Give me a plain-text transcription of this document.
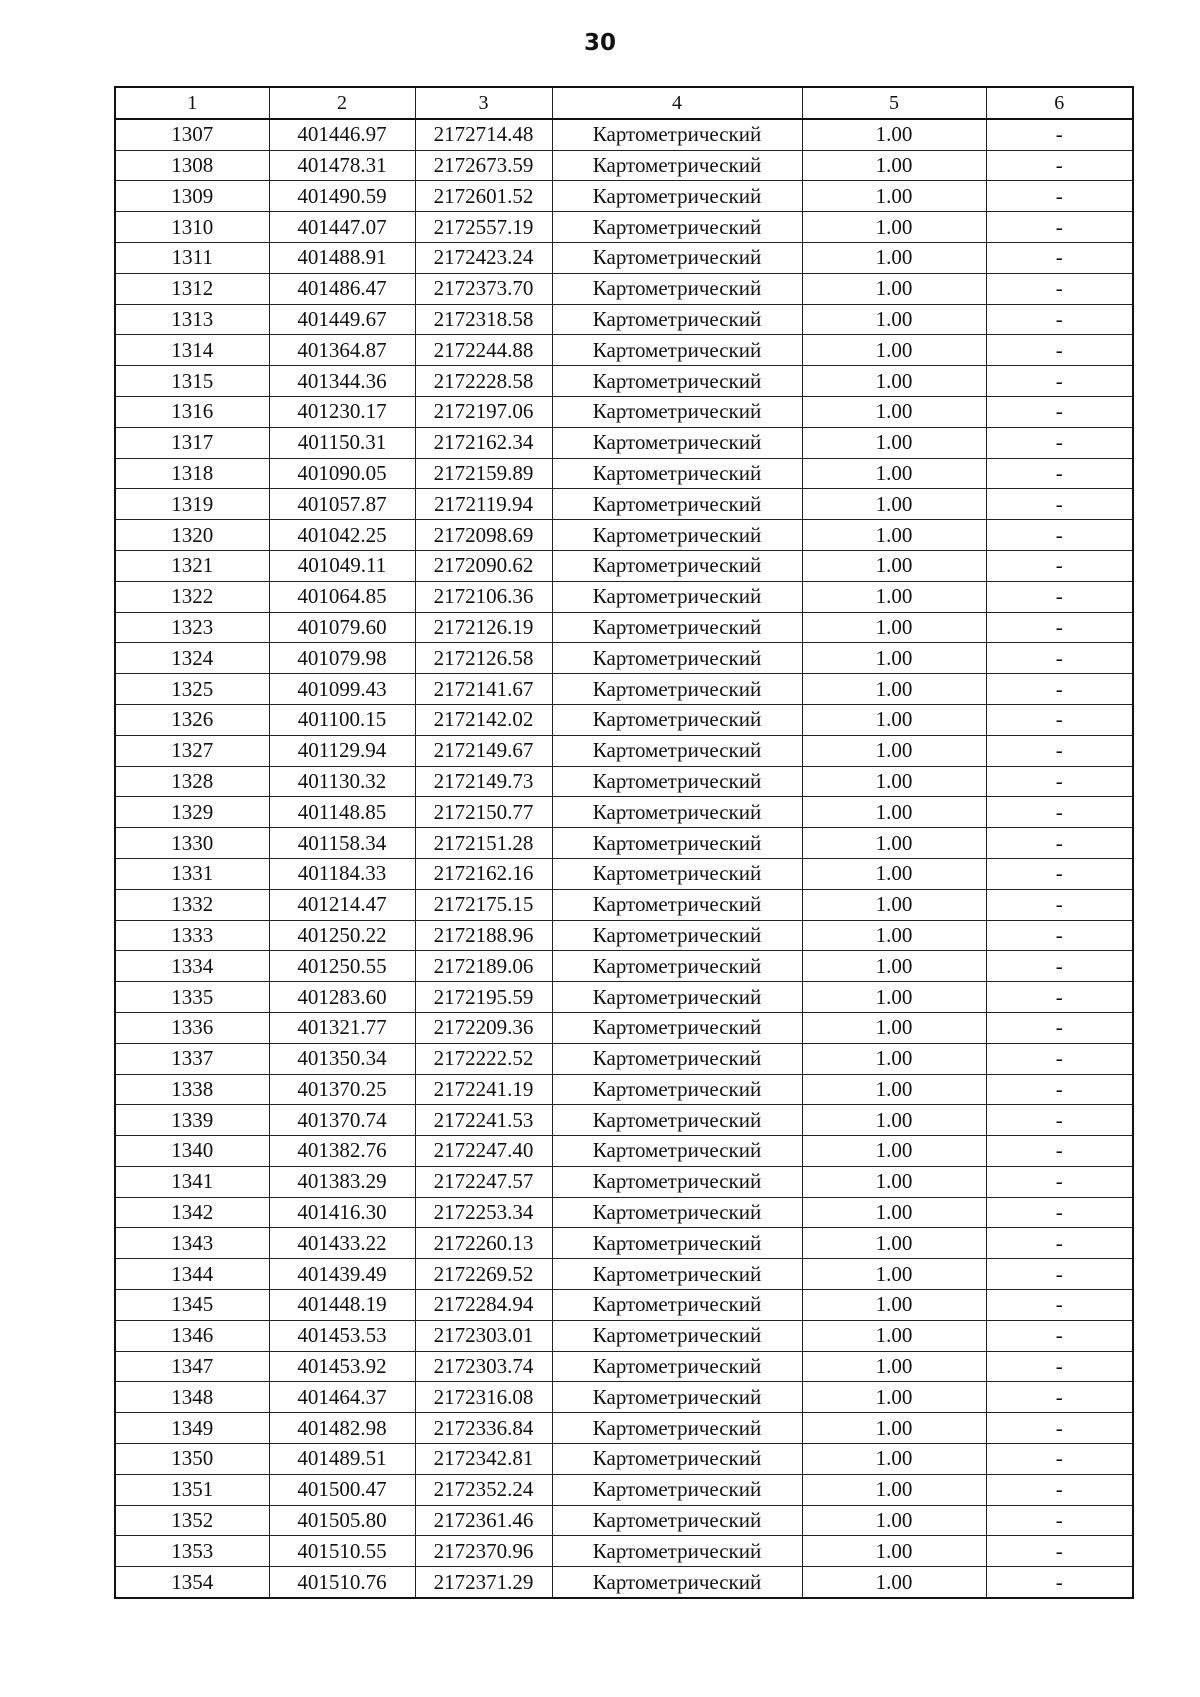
30
1	2	3	4	5	6
1307	401446.97	2172714.48	Картометрический	1.00	-
1308	401478.31	2172673.59	Картометрический	1.00	-
1309	401490.59	2172601.52	Картометрический	1.00	-
1310	401447.07	2172557.19	Картометрический	1.00	-
1311	401488.91	2172423.24	Картометрический	1.00	-
1312	401486.47	2172373.70	Картометрический	1.00	-
1313	401449.67	2172318.58	Картометрический	1.00	-
1314	401364.87	2172244.88	Картометрический	1.00	-
1315	401344.36	2172228.58	Картометрический	1.00	-
1316	401230.17	2172197.06	Картометрический	1.00	-
1317	401150.31	2172162.34	Картометрический	1.00	-
1318	401090.05	2172159.89	Картометрический	1.00	-
1319	401057.87	2172119.94	Картометрический	1.00	-
1320	401042.25	2172098.69	Картометрический	1.00	-
1321	401049.11	2172090.62	Картометрический	1.00	-
1322	401064.85	2172106.36	Картометрический	1.00	-
1323	401079.60	2172126.19	Картометрический	1.00	-
1324	401079.98	2172126.58	Картометрический	1.00	-
1325	401099.43	2172141.67	Картометрический	1.00	-
1326	401100.15	2172142.02	Картометрический	1.00	-
1327	401129.94	2172149.67	Картометрический	1.00	-
1328	401130.32	2172149.73	Картометрический	1.00	-
1329	401148.85	2172150.77	Картометрический	1.00	-
1330	401158.34	2172151.28	Картометрический	1.00	-
1331	401184.33	2172162.16	Картометрический	1.00	-
1332	401214.47	2172175.15	Картометрический	1.00	-
1333	401250.22	2172188.96	Картометрический	1.00	-
1334	401250.55	2172189.06	Картометрический	1.00	-
1335	401283.60	2172195.59	Картометрический	1.00	-
1336	401321.77	2172209.36	Картометрический	1.00	-
1337	401350.34	2172222.52	Картометрический	1.00	-
1338	401370.25	2172241.19	Картометрический	1.00	-
1339	401370.74	2172241.53	Картометрический	1.00	-
1340	401382.76	2172247.40	Картометрический	1.00	-
1341	401383.29	2172247.57	Картометрический	1.00	-
1342	401416.30	2172253.34	Картометрический	1.00	-
1343	401433.22	2172260.13	Картометрический	1.00	-
1344	401439.49	2172269.52	Картометрический	1.00	-
1345	401448.19	2172284.94	Картометрический	1.00	-
1346	401453.53	2172303.01	Картометрический	1.00	-
1347	401453.92	2172303.74	Картометрический	1.00	-
1348	401464.37	2172316.08	Картометрический	1.00	-
1349	401482.98	2172336.84	Картометрический	1.00	-
1350	401489.51	2172342.81	Картометрический	1.00	-
1351	401500.47	2172352.24	Картометрический	1.00	-
1352	401505.80	2172361.46	Картометрический	1.00	-
1353	401510.55	2172370.96	Картометрический	1.00	-
1354	401510.76	2172371.29	Картометрический	1.00	-
